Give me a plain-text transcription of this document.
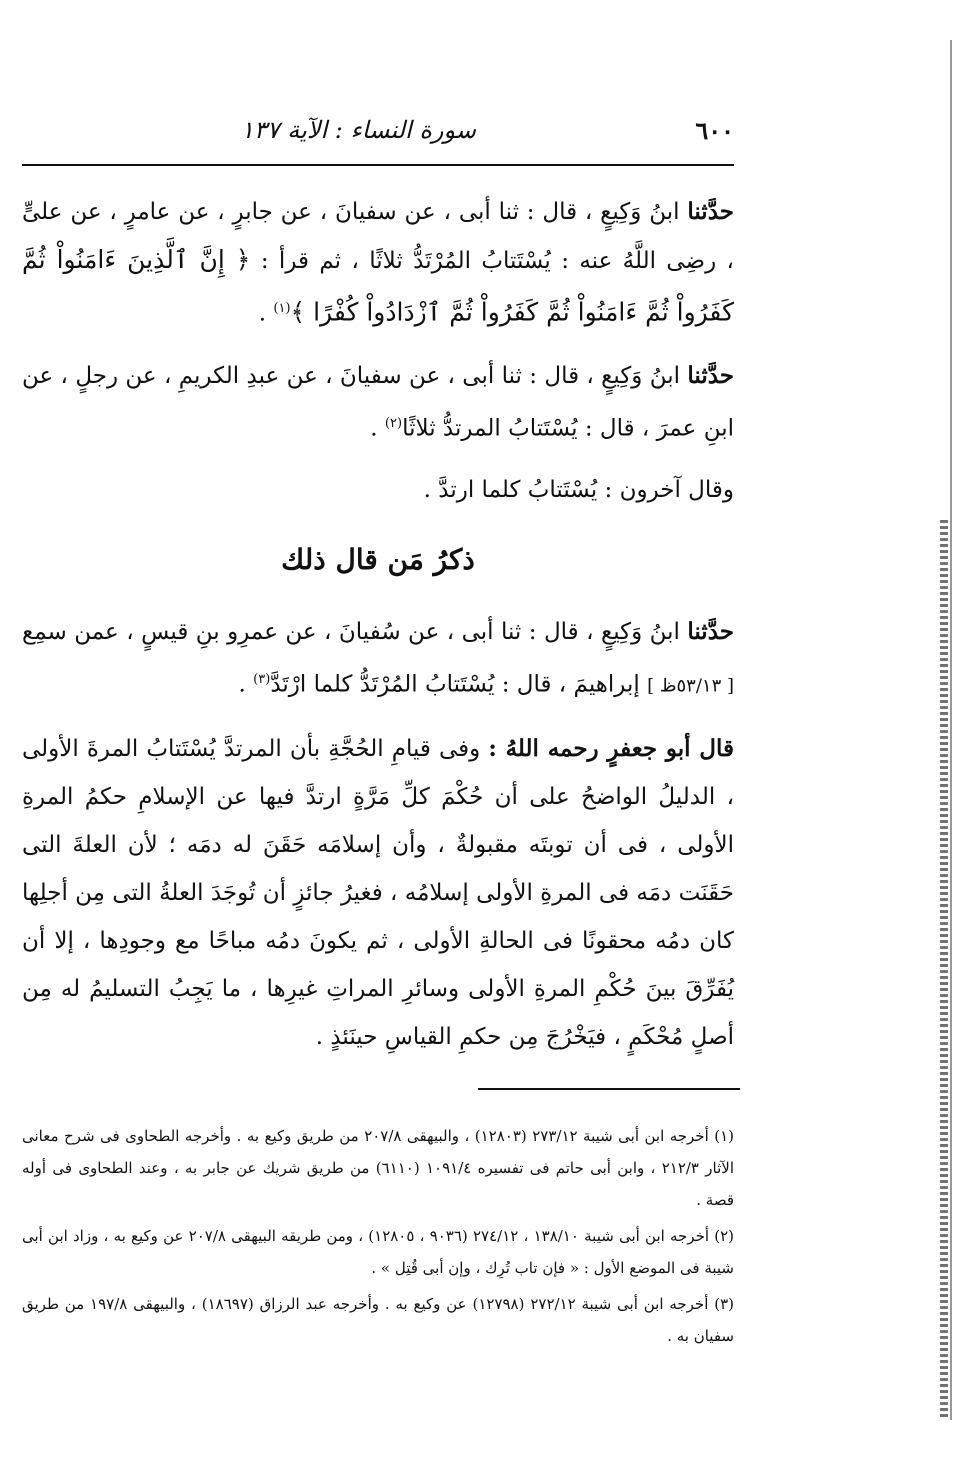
٦٠٠
سورة النساء : الآية ١٣٧

حدَّثنا ابنُ وَكِيعٍ ، قال : ثنا أبى ، عن سفيانَ ، عن جابرٍ ، عن عامرٍ ، عن علىٍّ ، رضِى اللَّهُ عنه : يُسْتَتابُ المُرْتَدُّ ثلاثًا ، ثم قرأ : ﴿ إِنَّ ٱلَّذِينَ ءَامَنُواْ ثُمَّ كَفَرُواْ ثُمَّ ءَامَنُواْ ثُمَّ كَفَرُواْ ثُمَّ ٱزْدَادُواْ كُفْرًا ﴾$^{(١)}$ .

حدَّثنا ابنُ وَكِيعٍ ، قال : ثنا أبى ، عن سفيانَ ، عن عبدِ الكريمِ ، عن رجلٍ ، عن ابنِ عمرَ ، قال : يُسْتَتابُ المرتدُّ ثلاثًا$^{(٢)}$ .

وقال آخرون : يُسْتَتابُ كلما ارتدَّ .

ذكرُ مَن قال ذلك

حدَّثنا ابنُ وَكِيعٍ ، قال : ثنا أبى ، عن سُفيانَ ، عن عمرِو بنِ قيسٍ ، عمن سمِع [ ٥٣/١٣ظ ] إبراهيمَ ، قال : يُسْتَتابُ المُرْتَدُّ كلما ارْتَدَّ$^{(٣)}$ .

قال أبو جعفرٍ رحمه اللهُ : وفى قيامِ الحُجَّةِ بأن المرتدَّ يُسْتَتابُ المرةَ الأولى ، الدليلُ الواضحُ على أن حُكْمَ كلِّ مَرَّةٍ ارتدَّ فيها عن الإسلامِ حكمُ المرةِ الأولى ، فى أن توبتَه مقبولةٌ ، وأن إسلامَه حَقَنَ له دمَه ؛ لأن العلةَ التى حَقَنَت دمَه فى المرةِ الأولى إسلامُه ، فغيرُ جائزٍ أن تُوجَدَ العلةُ التى مِن أجلِها كان دمُه محقونًا فى الحالةِ الأولى ، ثم يكونَ دمُه مباحًا مع وجودِها ، إلا أن يُفَرِّقَ بينَ حُكْمِ المرةِ الأولى وسائرِ المراتِ غيرِها ، ما يَجِبُ التسليمُ له مِن أصلٍ مُحْكَمٍ ، فيَخْرُجَ مِن حكمِ القياسِ حينَئذٍ .

(١) أخرجه ابن أبى شيبة ٢٧٣/١٢ (١٢٨٠٣) ، والبيهقى ٢٠٧/٨ من طريق وكيع به . وأخرجه الطحاوى فى شرح معانى الآثار ٢١٢/٣ ، وابن أبى حاتم فى تفسيره ١٠٩١/٤ (٦١١٠) من طريق شريك عن جابر به ، وعند الطحاوى فى أوله قصة .

(٢) أخرجه ابن أبى شيبة ١٣٨/١٠ ، ٢٧٤/١٢ (٩٠٣٦ ، ١٢٨٠٥) ، ومن طريقه البيهقى ٢٠٧/٨ عن وكيع به ، وزاد ابن أبى شيبة فى الموضع الأول : « فإن تاب تُرِك ، وإن أبى قُتِل » .

(٣) أخرجه ابن أبى شيبة ٢٧٢/١٢ (١٢٧٩٨) عن وكيع به . وأخرجه عبد الرزاق (١٨٦٩٧) ، والبيهقى ١٩٧/٨ من طريق سفيان به .
